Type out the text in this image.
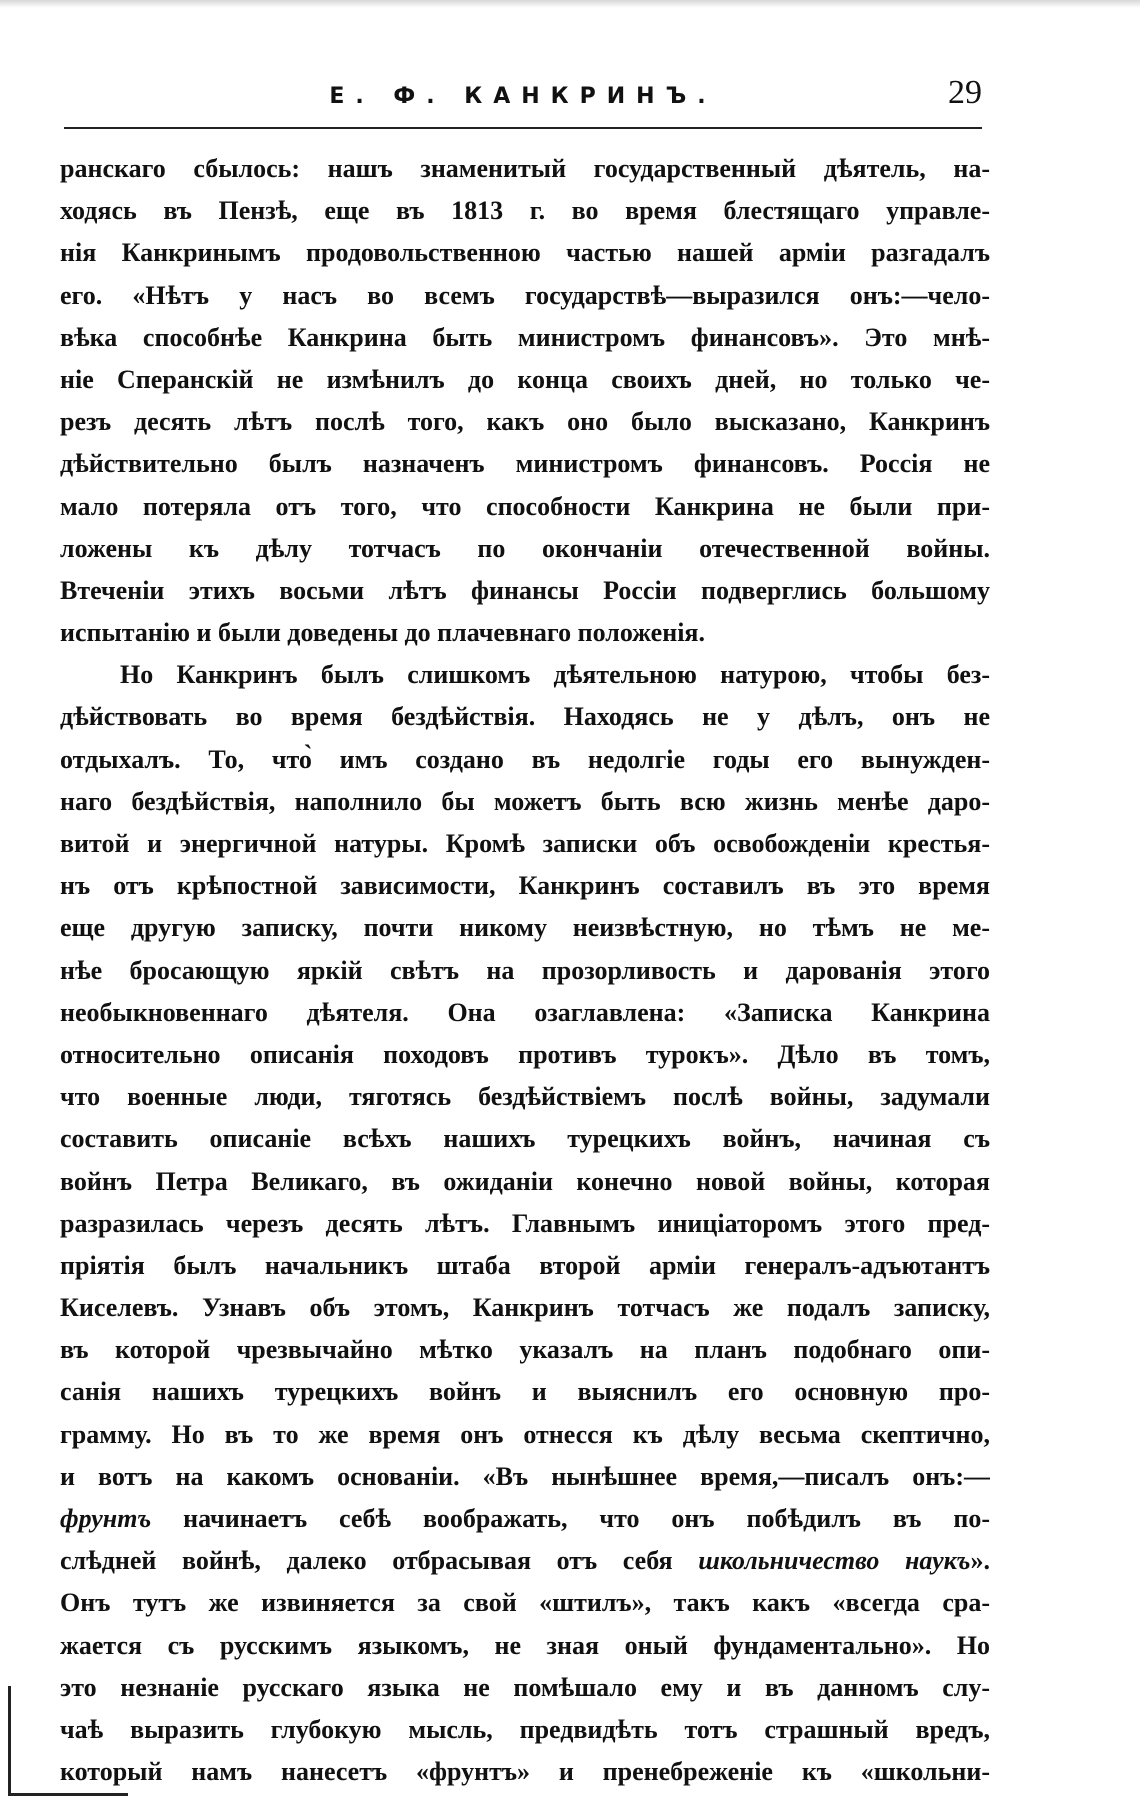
Е. Ф. КАНКРИНЪ.	29
ранскаго сбылось: нашъ знаменитый государственный дѣятель, на-
ходясь въ Пензѣ, еще въ 1813 г. во время блестящаго управле-
нія Канкринымъ продовольственною частью нашей арміи разгадалъ
его. «Нѣтъ у насъ во всемъ государствѣ—выразился онъ:—чело-
вѣка способнѣе Канкрина быть министромъ финансовъ». Это мнѣ-
ніе Сперанскій не измѣнилъ до конца своихъ дней, но только че-
резъ десять лѣтъ послѣ того, какъ оно было высказано, Канкринъ
дѣйствительно былъ назначенъ министромъ финансовъ. Россія не
мало потеряла отъ того, что способности Канкрина не были при-
ложены къ дѣлу тотчасъ по окончаніи отечественной войны.
Втеченіи этихъ восьми лѣтъ финансы Россіи подверглись большому
испытанію и были доведены до плачевнаго положенія.
Но Канкринъ былъ слишкомъ дѣятельною натурою, чтобы без-
дѣйствовать во время бездѣйствія. Находясь не у дѣлъ, онъ не
отдыхалъ. То, что̀ имъ создано въ недолгіе годы его вынужден-
наго бездѣйствія, наполнило бы можетъ быть всю жизнь менѣе даро-
витой и энергичной натуры. Кромѣ записки объ освобожденіи крестья-
нъ отъ крѣпостной зависимости, Канкринъ составилъ въ это время
еще другую записку, почти никому неизвѣстную, но тѣмъ не ме-
нѣе бросающую яркій свѣтъ на прозорливость и дарованія этого
необыкновеннаго дѣятеля. Она озаглавлена: «Записка Канкрина
относительно описанія походовъ противъ турокъ». Дѣло въ томъ,
что военные люди, тяготясь бездѣйствіемъ послѣ войны, задумали
составить описаніе всѣхъ нашихъ турецкихъ войнъ, начиная съ
войнъ Петра Великаго, въ ожиданіи конечно новой войны, которая
разразилась черезъ десять лѣтъ. Главнымъ иниціаторомъ этого пред-
пріятія былъ начальникъ штаба второй арміи генералъ-адъютантъ
Киселевъ. Узнавъ объ этомъ, Канкринъ тотчасъ же подалъ записку,
въ которой чрезвычайно мѣтко указалъ на планъ подобнаго опи-
санія нашихъ турецкихъ войнъ и выяснилъ его основную про-
грамму. Но въ то же время онъ отнесся къ дѣлу весьма скептично,
и вотъ на какомъ основаніи. «Въ нынѣшнее время,—писалъ онъ:—
фрунтъ начинаетъ себѣ воображать, что онъ побѣдилъ въ по-
слѣдней войнѣ, далеко отбрасывая отъ себя школьничество наукъ».
Онъ тутъ же извиняется за свой «штилъ», такъ какъ «всегда сра-
жается съ русскимъ языкомъ, не зная оный фундаментально». Но
это незнаніе русскаго языка не помѣшало ему и въ данномъ слу-
чаѣ выразить глубокую мысль, предвидѣть тотъ страшный вредъ,
который намъ нанесетъ «фрунтъ» и пренебреженіе къ «школьни-
